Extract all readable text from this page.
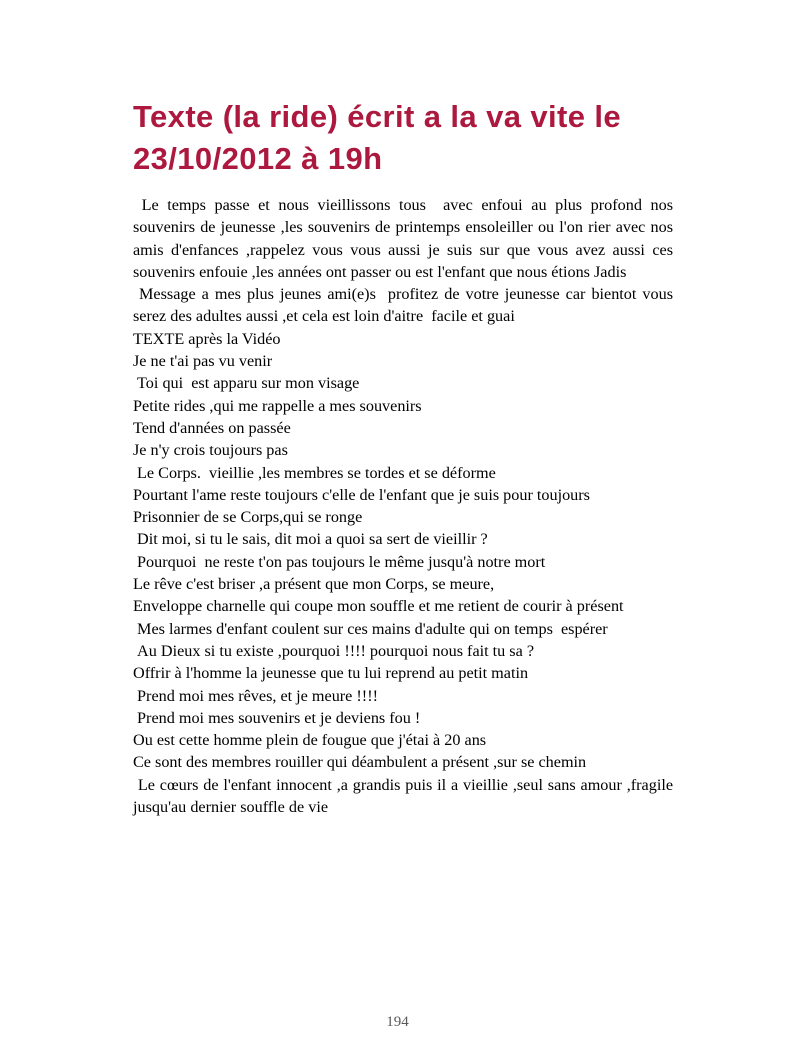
Texte (la ride) écrit a la va vite le 23/10/2012 à 19h

Le temps passe et nous vieillissons tous  avec enfoui au plus profond nos souvenirs de jeunesse ,les souvenirs de printemps ensoleiller ou l'on rier avec nos amis d'enfances ,rappelez vous vous aussi je suis sur que vous avez aussi ces souvenirs enfouie ,les années ont passer ou est l'enfant que nous étions Jadis

Message a mes plus jeunes ami(e)s  profitez de votre jeunesse car bientot vous serez des adultes aussi ,et cela est loin d'aitre  facile et guai

TEXTE après la Vidéo

Je ne t'ai pas vu venir

Toi qui  est apparu sur mon visage

Petite rides ,qui me rappelle a mes souvenirs

Tend d'années on passée

Je n'y crois toujours pas

Le Corps.  vieillie ,les membres se tordes et se déforme

Pourtant l'ame reste toujours c'elle de l'enfant que je suis pour toujours

Prisonnier de se Corps,qui se ronge

Dit moi, si tu le sais, dit moi a quoi sa sert de vieillir ?

Pourquoi  ne reste t'on pas toujours le même jusqu'à notre mort

Le rêve c'est briser ,a présent que mon Corps, se meure,

Enveloppe charnelle qui coupe mon souffle et me retient de courir à présent

Mes larmes d'enfant coulent sur ces mains d'adulte qui on temps  espérer

Au Dieux si tu existe ,pourquoi !!!! pourquoi nous fait tu sa ?

Offrir à l'homme la jeunesse que tu lui reprend au petit matin

Prend moi mes rêves, et je meure !!!!

Prend moi mes souvenirs et je deviens fou !

Ou est cette homme plein de fougue que j'étai à 20 ans

Ce sont des membres rouiller qui déambulent a présent ,sur se chemin

Le cœurs de l'enfant innocent ,a grandis puis il a vieillie ,seul sans amour ,fragile  jusqu'au dernier souffle de vie

194
